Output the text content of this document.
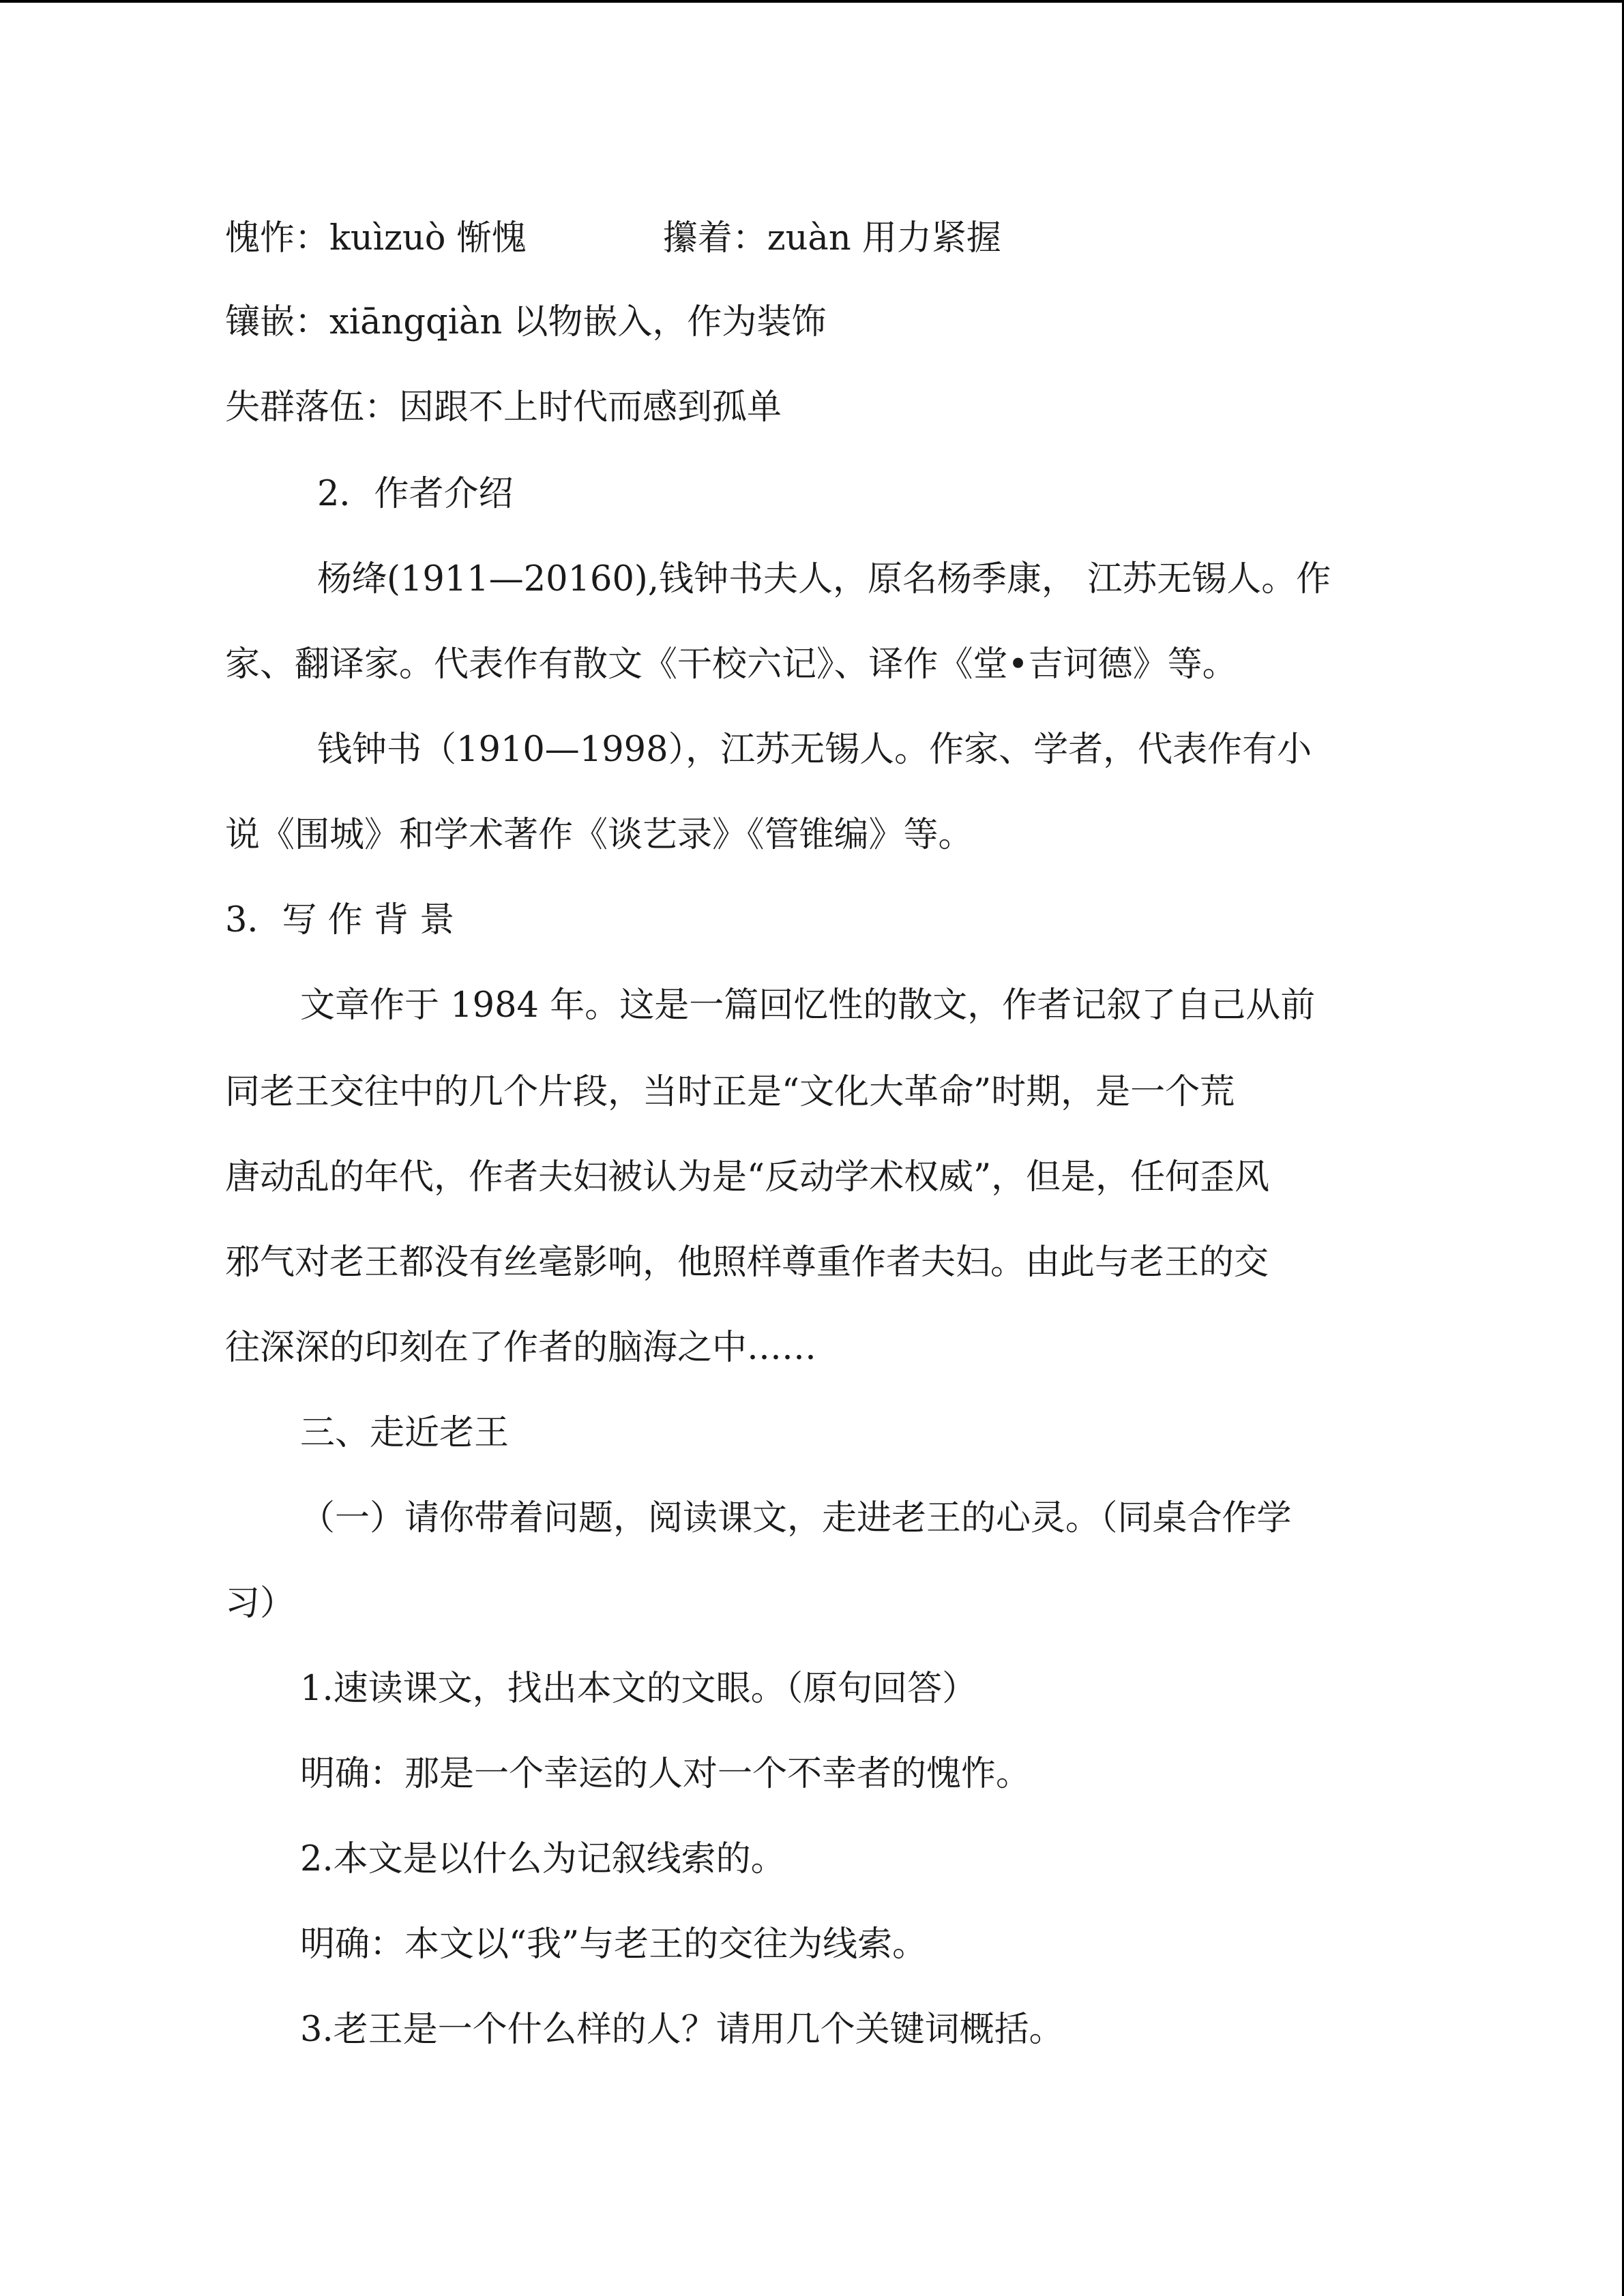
愧怍：kuìzuò 惭愧	攥着：zuàn 用力紧握
镶嵌：xiāngqiàn 以物嵌入，作为装饰
失群落伍：因跟不上时代而感到孤单
2．作者介绍
杨绛(1911—20160),钱钟书夫人，原名杨季康， 江苏无锡人。作
家、翻译家。代表作有散文《干校六记》、译作《堂•吉诃德》等。
钱钟书（1910—1998），江苏无锡人。作家、学者，代表作有小
说《围城》和学术著作《谈艺录》《管锥编》等。
3．写 作 背 景
文章作于 1984 年。这是一篇回忆性的散文，作者记叙了自己从前
同老王交往中的几个片段，当时正是“文化大革命”时期，是一个荒
唐动乱的年代，作者夫妇被认为是“反动学术权威”，但是，任何歪风
邪气对老王都没有丝毫影响，他照样尊重作者夫妇。由此与老王的交
往深深的印刻在了作者的脑海之中……
三、走近老王
（一）请你带着问题，阅读课文，走进老王的心灵。（同桌合作学
习）
1.速读课文，找出本文的文眼。（原句回答）
明确：那是一个幸运的人对一个不幸者的愧怍。
2.本文是以什么为记叙线索的。
明确：本文以“我”与老王的交往为线索。
3.老王是一个什么样的人？请用几个关键词概括。
